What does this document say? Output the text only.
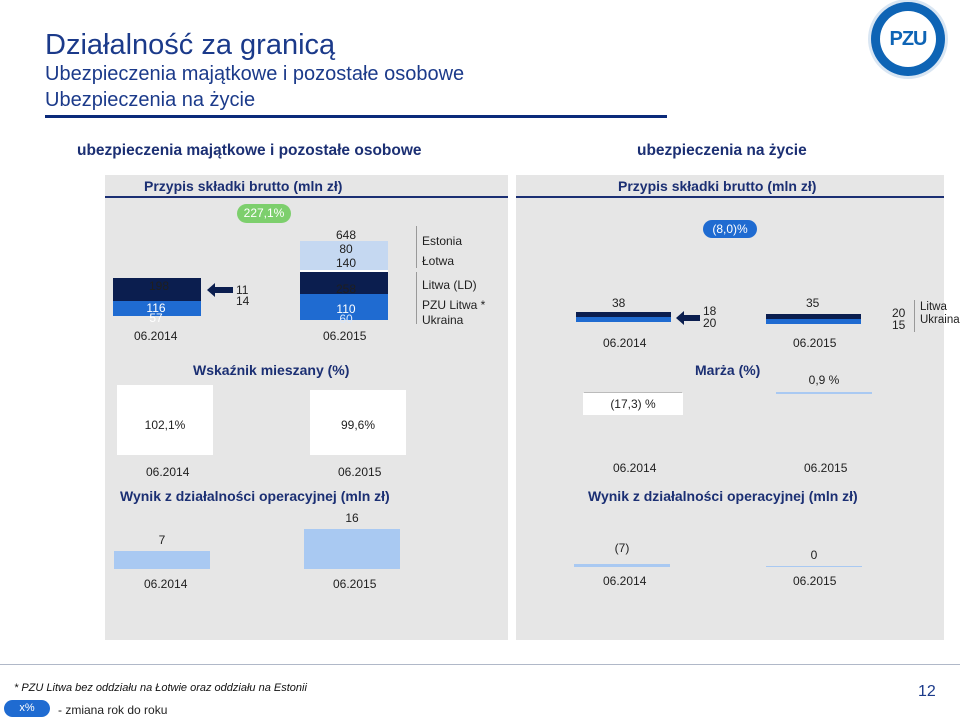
Działalność za granicą
Ubezpieczenia majątkowe i pozostałe osobowe
Ubezpieczenia na życie
PZU
ubezpieczenia majątkowe i pozostałe osobowe	ubezpieczenia na życie
Przypis składki brutto (mln zł)	Przypis składki brutto (mln zł)
227,1%
198
116
57
06.2014
11
14
648
80
140
258
110
60
06.2015
Estonia
Łotwa
Litwa (LD)
PZU Litwa *
Ukraina
(8,0)%
38
06.2014
18
20
35
06.2015
20
15
Litwa
Ukraina
Wskaźnik mieszany (%)
102,1%	99,6%
06.2014	06.2015
Marża (%)
(17,3) %
0,9 %
06.2014	06.2015
Wynik z działalności operacyjnej (mln zł)
7
16
06.2014	06.2015
Wynik z działalności operacyjnej (mln zł)
(7)	0
06.2014	06.2015
* PZU Litwa bez oddziału na Łotwie oraz oddziału na Estonii
x%	- zmiana rok do roku
12
